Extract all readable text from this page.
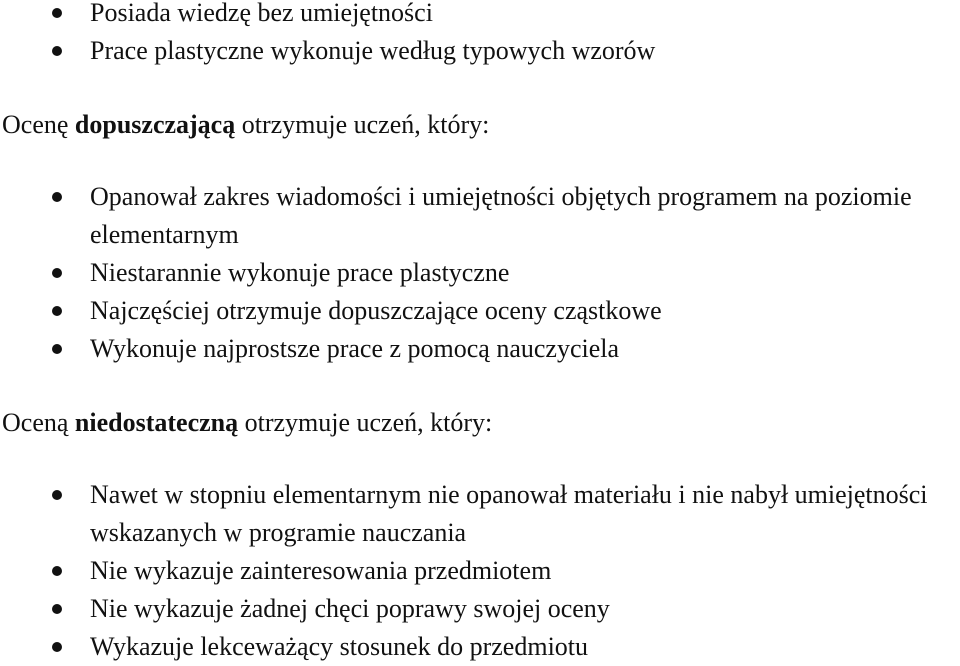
Posiada wiedzę bez umiejętności
Prace plastyczne wykonuje według typowych wzorów

Ocenę dopuszczającą otrzymuje uczeń, który:

Opanował zakres wiadomości i umiejętności objętych programem na poziomie elementarnym
Niestarannie wykonuje prace plastyczne
Najczęściej otrzymuje dopuszczające oceny cząstkowe
Wykonuje najprostsze prace z pomocą nauczyciela

Oceną niedostateczną otrzymuje uczeń, który:

Nawet w stopniu elementarnym nie opanował materiału i nie nabył umiejętności wskazanych w programie nauczania
Nie wykazuje zainteresowania przedmiotem
Nie wykazuje żadnej chęci poprawy swojej oceny
Wykazuje lekceważący stosunek do przedmiotu
